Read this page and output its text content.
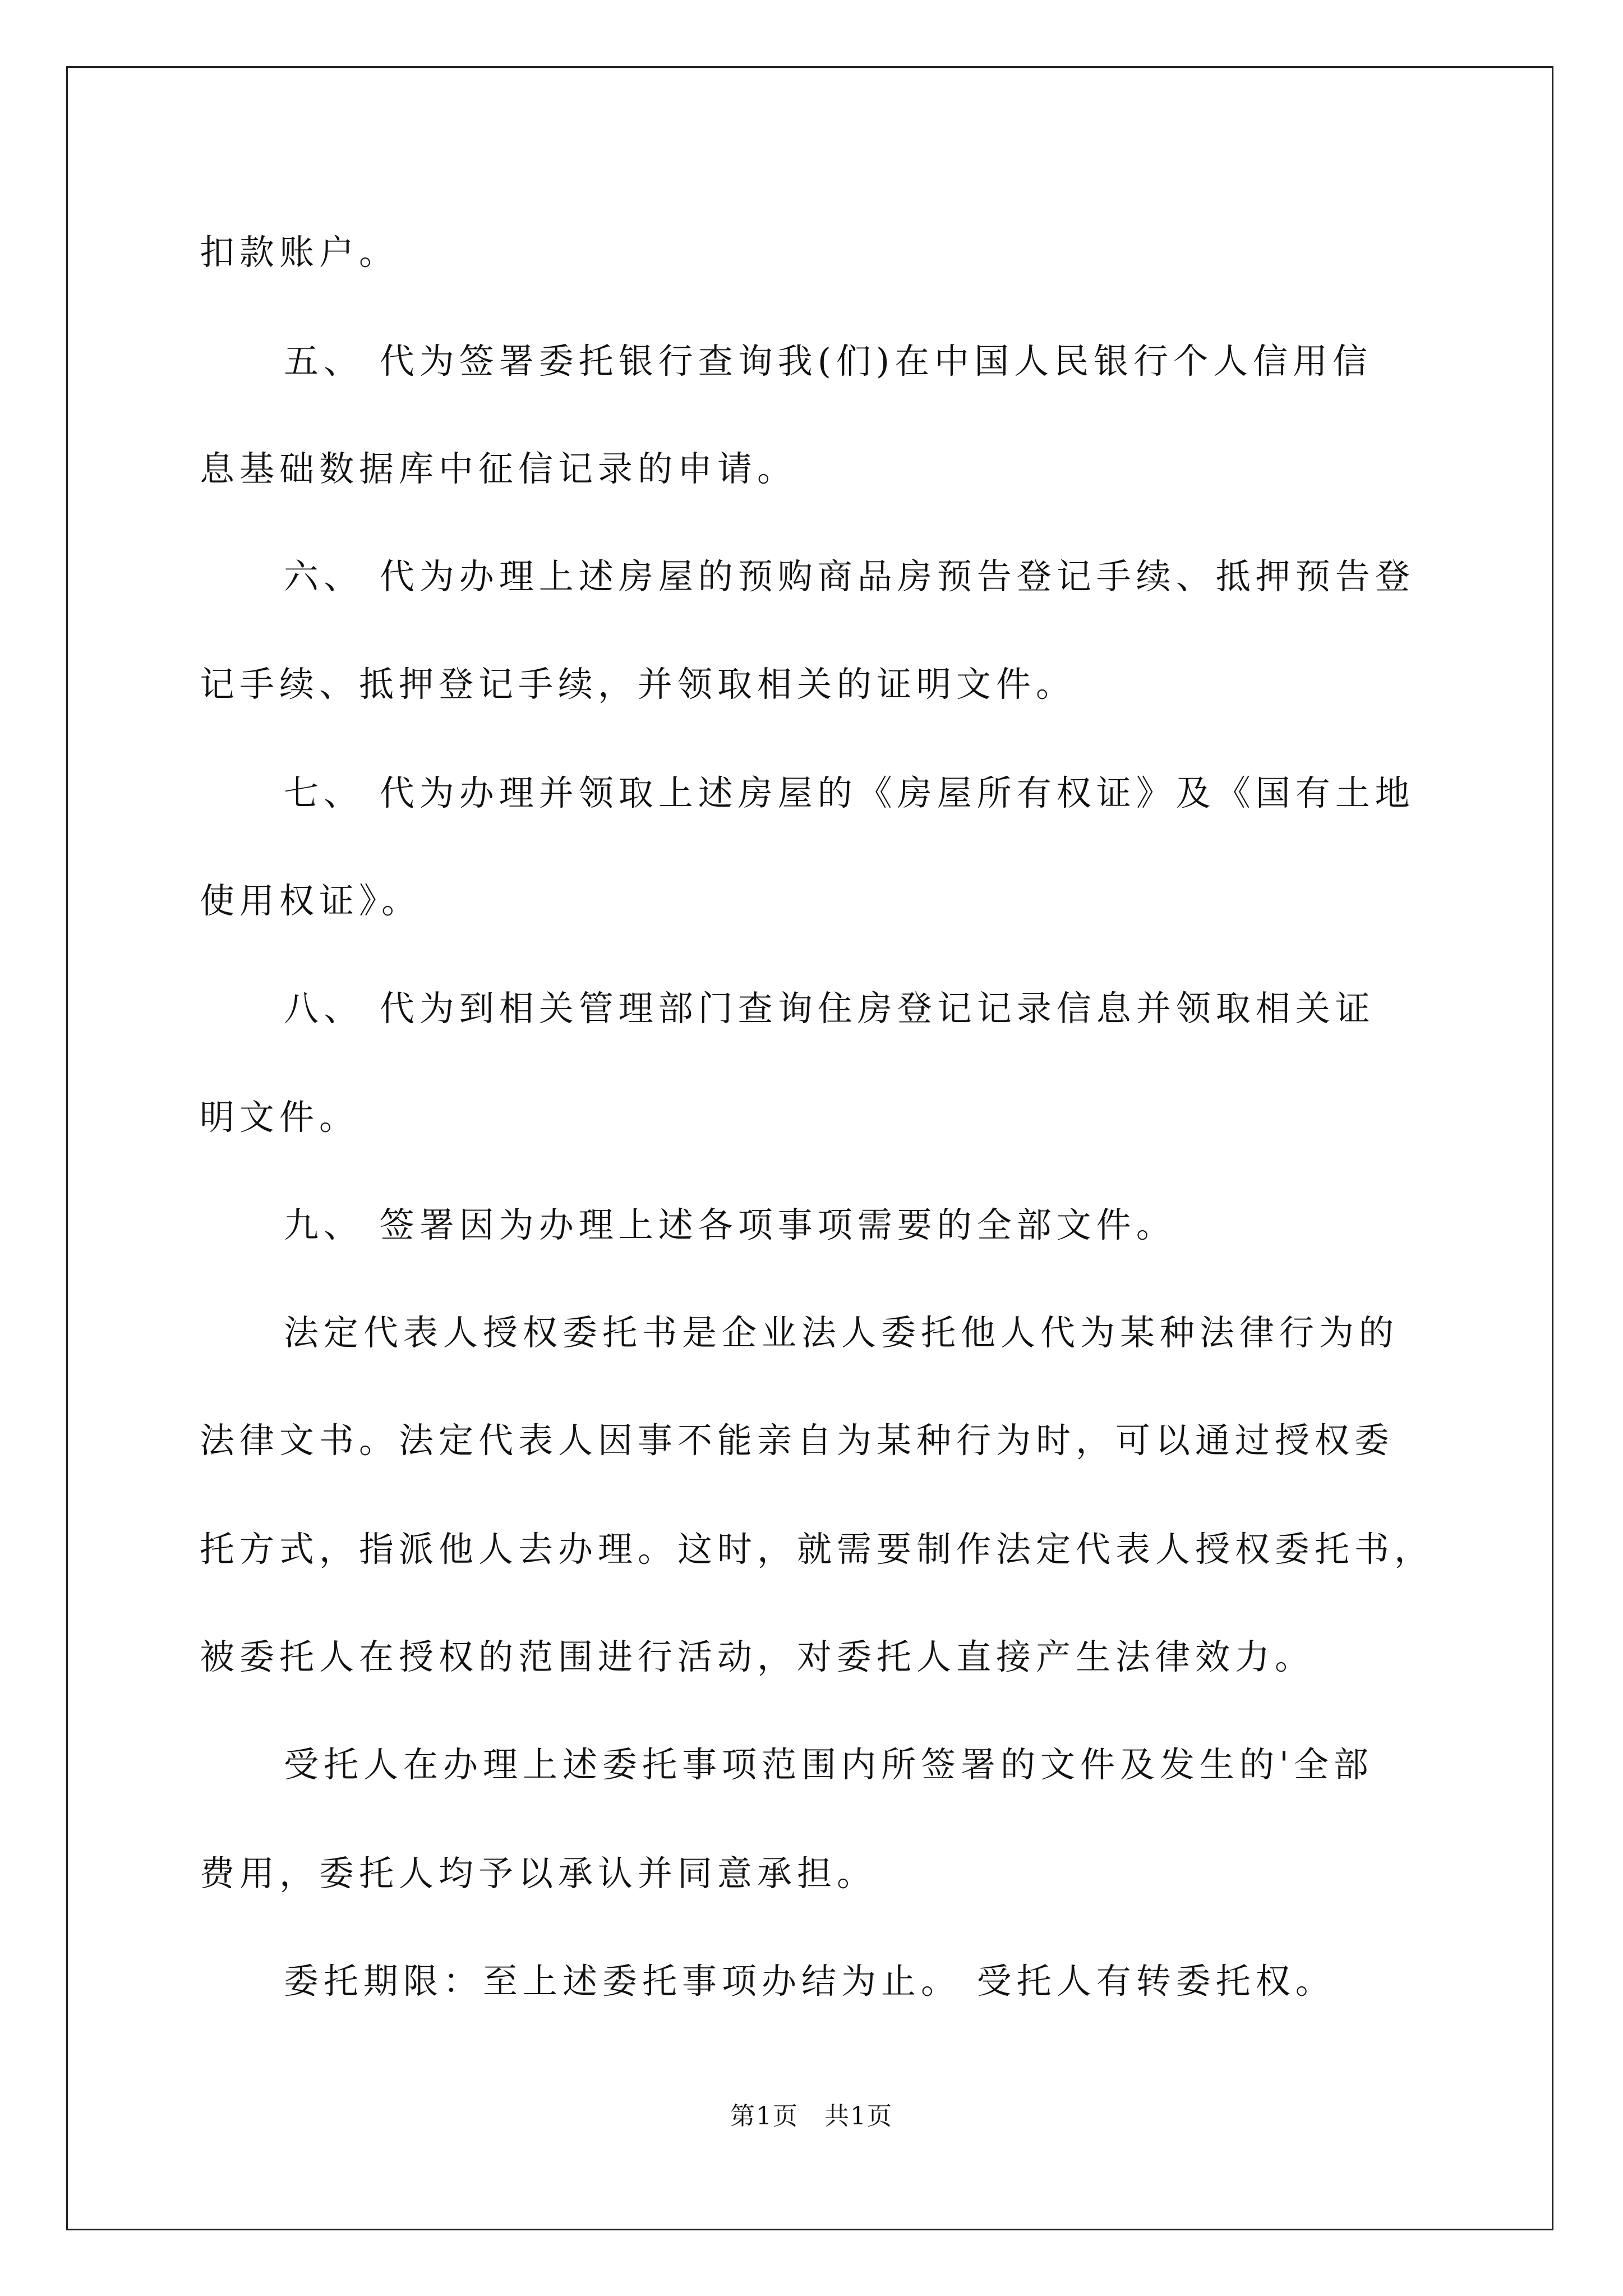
扣款账户。
五、 代为签署委托银行查询我(们)在中国人民银行个人信用信
息基础数据库中征信记录的申请。
六、 代为办理上述房屋的预购商品房预告登记手续、抵押预告登
记手续、抵押登记手续，并领取相关的证明文件。
七、 代为办理并领取上述房屋的《房屋所有权证》及《国有土地
使用权证》。
八、 代为到相关管理部门查询住房登记记录信息并领取相关证
明文件。
九、 签署因为办理上述各项事项需要的全部文件。
法定代表人授权委托书是企业法人委托他人代为某种法律行为的
法律文书。法定代表人因事不能亲自为某种行为时，可以通过授权委
托方式，指派他人去办理。这时，就需要制作法定代表人授权委托书，
被委托人在授权的范围进行活动，对委托人直接产生法律效力。
受托人在办理上述委托事项范围内所签署的文件及发生的'全部
费用，委托人均予以承认并同意承担。
委托期限：至上述委托事项办结为止。 受托人有转委托权。
第1页　共1页
